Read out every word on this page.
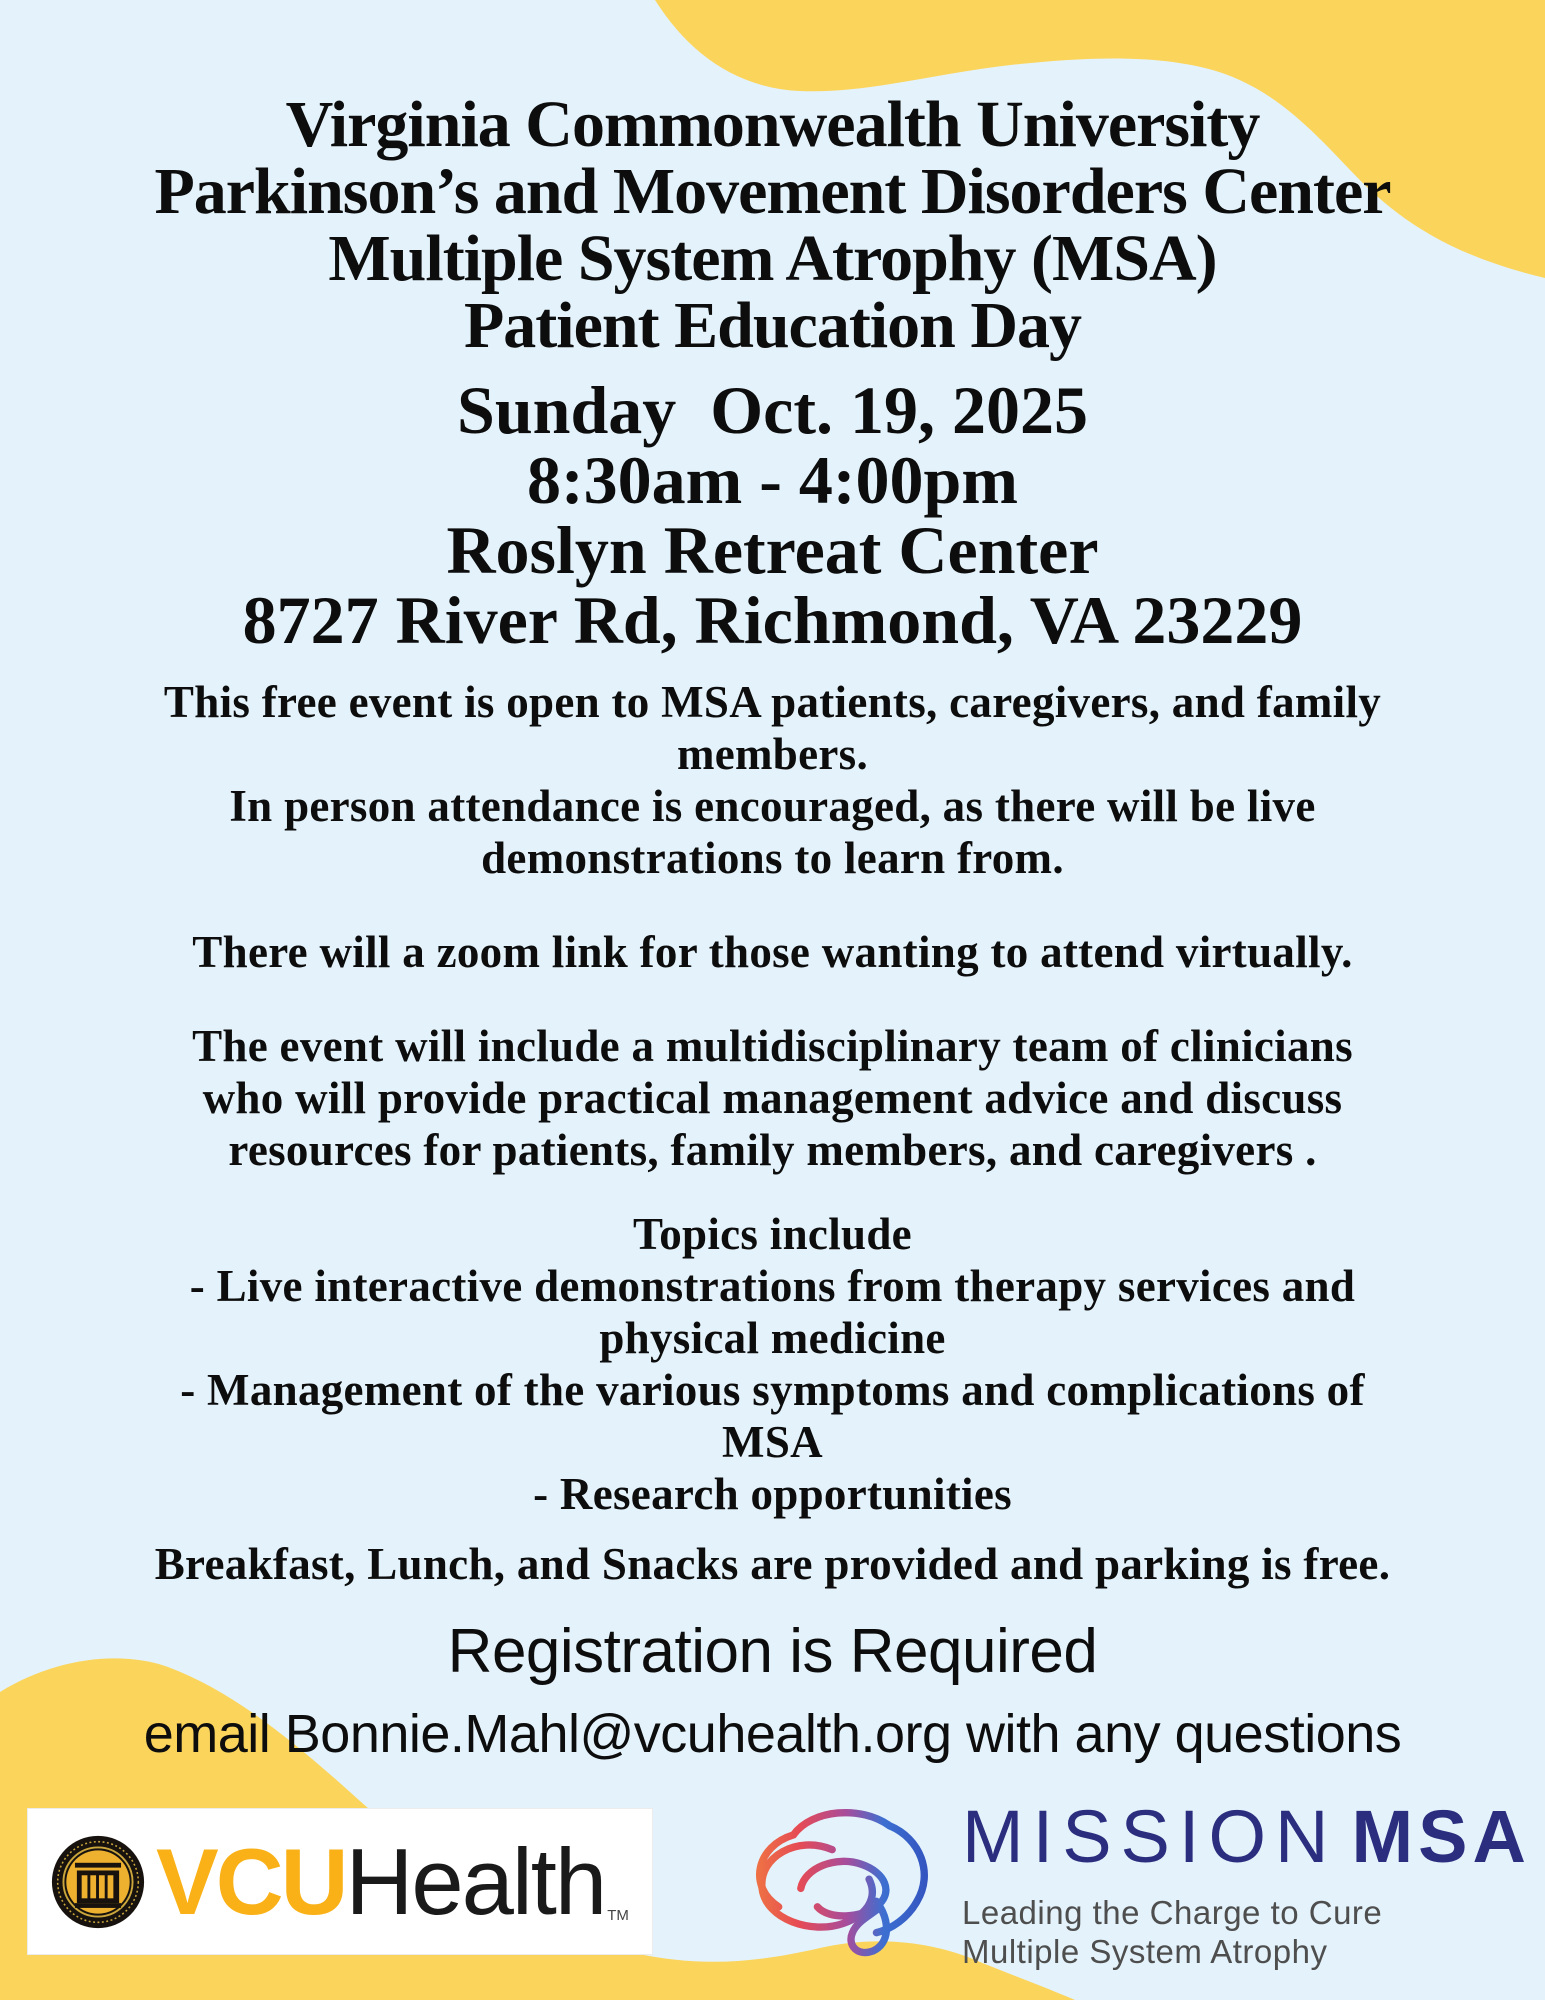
Virginia Commonwealth University
Parkinson’s and Movement Disorders Center
Multiple System Atrophy (MSA)
Patient Education Day
Sunday  Oct. 19, 2025
8:30am - 4:00pm
Roslyn Retreat Center
8727 River Rd, Richmond, VA 23229
This free event is open to MSA patients, caregivers, and family
members.
In person attendance is encouraged, as there will be live
demonstrations to learn from.
There will a zoom link for those wanting to attend virtually.
The event will include a multidisciplinary team of clinicians
who will provide practical management advice and discuss
resources for patients, family members, and caregivers .
Topics include
- Live interactive demonstrations from therapy services and
physical medicine
- Management of the various symptoms and complications of
MSA
- Research opportunities
Breakfast, Lunch, and Snacks are provided and parking is free.
Registration is Required
email Bonnie.Mahl@vcuhealth.org with any questions
VCU Health TM
MISSION MSA
Leading the Charge to Cure
Multiple System Atrophy
